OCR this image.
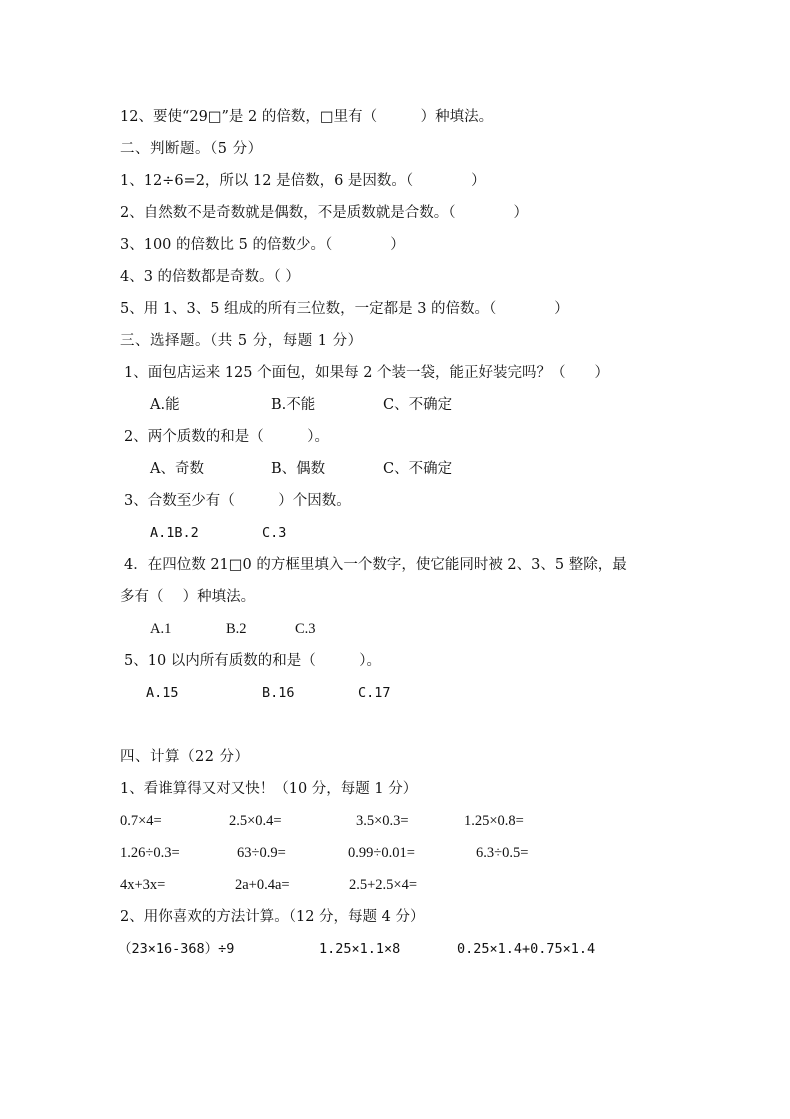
12、要使“29□”是 2 的倍数，□里有（　　　）种填法。
二、判断题。（5 分）
1、12÷6=2，所以 12 是倍数，6 是因数。（　　　　）
2、自然数不是奇数就是偶数，不是质数就是合数。（　　　　）
3、100 的倍数比 5 的倍数少。（　　　　）
4、3 的倍数都是奇数。（ ）
5、用 1、3、5 组成的所有三位数，一定都是 3 的倍数。（　　　　）
三、选择题。（共 5 分，每题 1 分）
1、面包店运来 125 个面包，如果每 2 个装一袋，能正好装完吗？（　　）
A.能	B.不能	C、不确定
2、两个质数的和是（　　　）。
A、奇数	B、偶数	C、不确定
3、合数至少有（　　　）个因数。
A.1B.2	C.3
4．在四位数 21□0 的方框里填入一个数字，使它能同时被 2、3、5 整除，最
多有（　 ）种填法。
A.1	B.2	C.3
5、10 以内所有质数的和是（　　　）。
A.15	B.16	C.17
四、计算（22 分）
1、看谁算得又对又快！（10 分，每题 1 分）
0.7×4=	2.5×0.4=	3.5×0.3=	1.25×0.8=
1.26÷0.3=	63÷0.9=	0.99÷0.01=	6.3÷0.5=
4x+3x=	2a+0.4a=	2.5+2.5×4=
2、用你喜欢的方法计算。（12 分，每题 4 分）
（23×16-368）÷9	1.25×1.1×8	0.25×1.4+0.75×1.4
